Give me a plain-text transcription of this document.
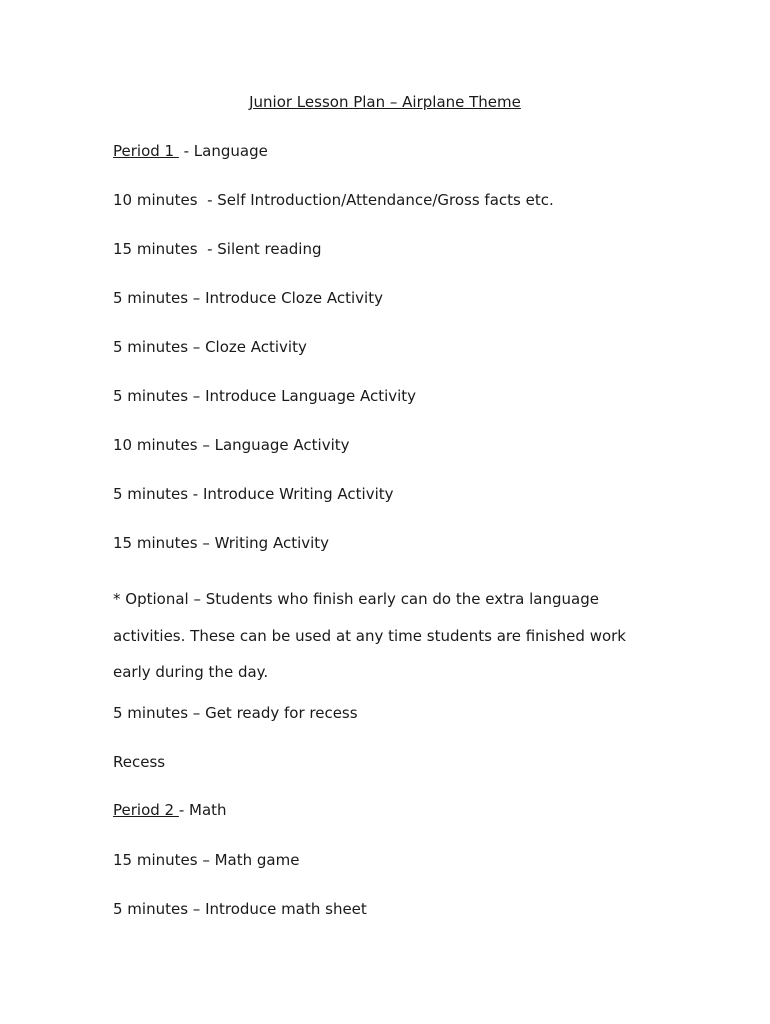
Junior Lesson Plan – Airplane Theme
Period 1  - Language
10 minutes  - Self Introduction/Attendance/Gross facts etc.
15 minutes  - Silent reading
5 minutes – Introduce Cloze Activity
5 minutes – Cloze Activity
5 minutes – Introduce Language Activity
10 minutes – Language Activity
5 minutes - Introduce Writing Activity
15 minutes – Writing Activity
* Optional – Students who finish early can do the extra language activities. These can be used at any time students are finished work early during the day.
5 minutes – Get ready for recess
Recess
Period 2 - Math
15 minutes – Math game
5 minutes – Introduce math sheet
